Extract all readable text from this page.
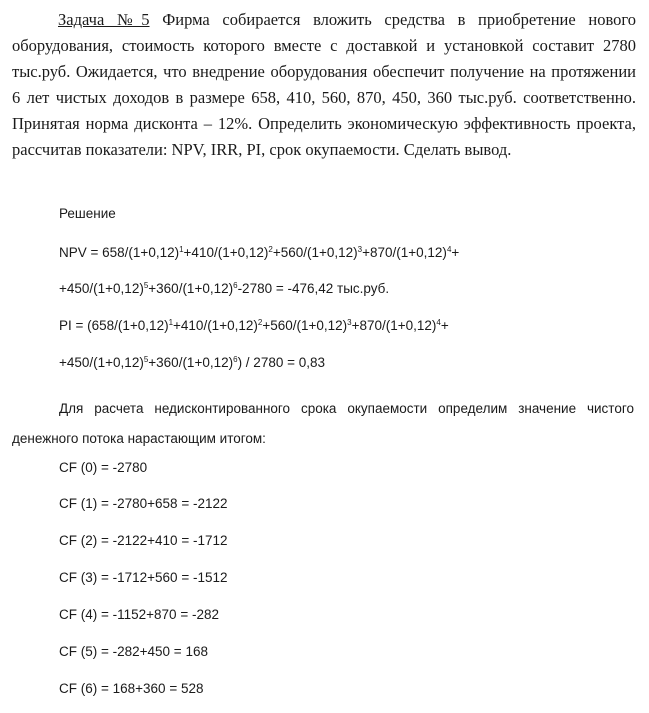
Задача №5 Фирма собирается вложить средства в приобретение нового оборудования, стоимость которого вместе с доставкой и установкой составит 2780 тыс.руб. Ожидается, что внедрение оборудования обеспечит получение на протяжении 6 лет чистых доходов в размере 658, 410, 560, 870, 450, 360 тыс.руб. соответственно. Принятая норма дисконта – 12%. Определить экономическую эффективность проекта, рассчитав показатели: NPV, IRR, PI, срок окупаемости. Сделать вывод.
Решение
NPV = $658/(1+0,12)^1+410/(1+0,12)^2+560/(1+0,12)^3+870/(1+0,12)^4+$
$+450/(1+0,12)^5+360/(1+0,12)^6-2780 = -476,42$ тыс.руб.
PI = ($658/(1+0,12)^1+410/(1+0,12)^2+560/(1+0,12)^3+870/(1+0,12)^4+$
$+450/(1+0,12)^5+360/(1+0,12)^6) / 2780 = 0,83$
Для расчета недисконтированного срока окупаемости определим значение чистого денежного потока нарастающим итогом:
CF (0) = -2780
CF (1) = -2780+658 = -2122
CF (2) = -2122+410 = -1712
CF (3) = -1712+560 = -1512
CF (4) = -1152+870 = -282
CF (5) = -282+450 = 168
CF (6) = 168+360 = 528
